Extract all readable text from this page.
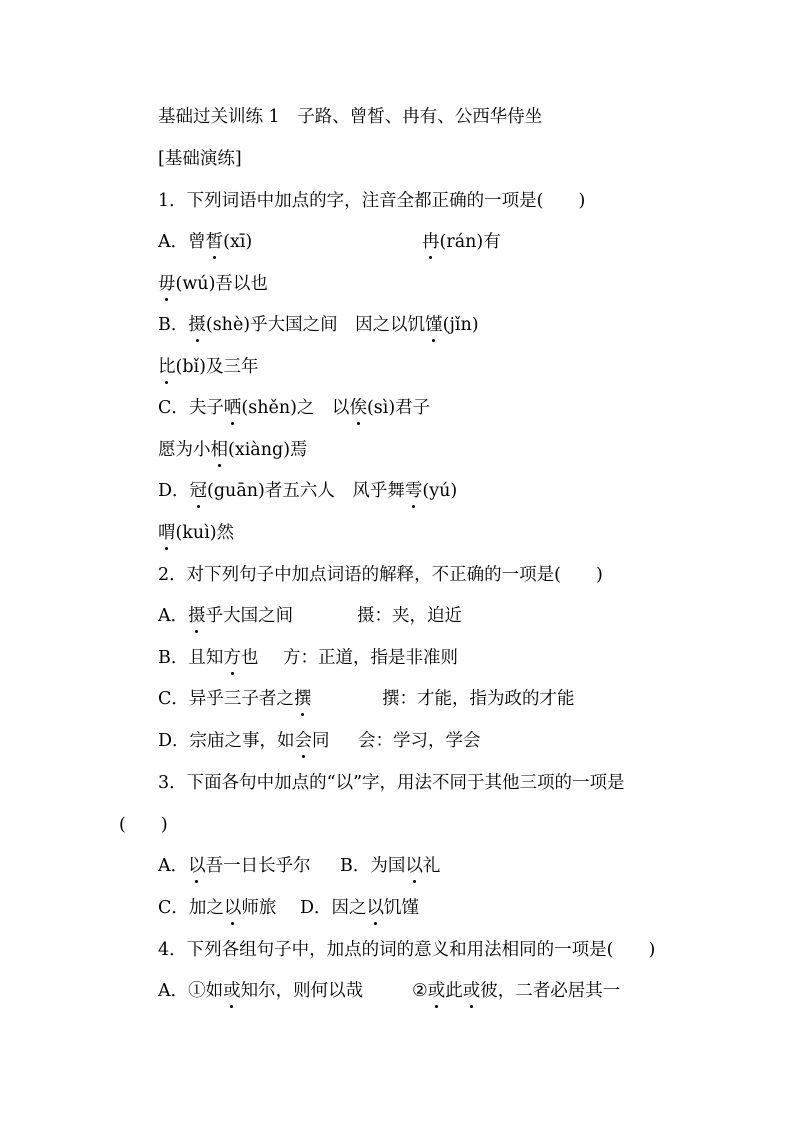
基础过关训练 1　子路、曾皙、冉有、公西华侍坐
[基础演练]
1．下列词语中加点的字，注音全都正确的一项是(　　)
A．曾皙(xī)	冉(rán)有
毋(wú)吾以也
B．摄(shè)乎大国之间　因之以饥馑(jǐn)
比(bǐ)及三年
C．夫子哂(shěn)之　以俟(sì)君子
愿为小相(xiàng)焉
D．冠(guān)者五六人　风乎舞雩(yú)
喟(kuì)然
2．对下列句子中加点词语的解释，不正确的一项是(　　)
A．摄乎大国之间	摄：夹，迫近
B．且知方也 方：正道，指是非准则
C．异乎三子者之撰	撰：才能，指为政的才能
D．宗庙之事，如会同 会：学习，学会
3．下面各句中加点的“以”字，用法不同于其他三项的一项是
(　　)
A．以吾一日长乎尔 B．为国以礼
C．加之以师旅 D．因之以饥馑
4．下列各组句子中，加点的词的意义和用法相同的一项是(　　)
A．①如或知尔，则何以哉	②或此或彼，二者必居其一
